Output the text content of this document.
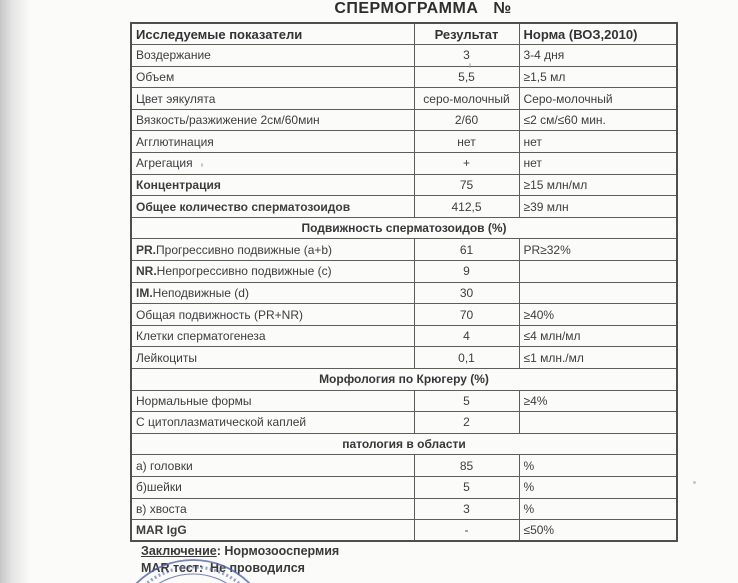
СПЕРМОГРАММА №
Исследуемые показатели	Результат	Норма (ВОЗ,2010)
Воздержание	3	3-4 дня
Объем	5,5	≥1,5 мл
Цвет эякулята	серо-молочный	Серо-молочный
Вязкость/разжижение 2см/60мин	2/60	≤2 см/≤60 мин.
Агглютинация	нет	нет
Агрегация	+	нет
Концентрация	75	≥15 млн/мл
Общее количество сперматозоидов	412,5	≥39 млн
Подвижность сперматозоидов (%)		
PR.Прогрессивно подвижные (a+b)	61	PR≥32%
NR.Непрогрессивно подвижные (c)	9	
IM.Неподвижные (d)	30	
Общая подвижность (PR+NR)	70	≥40%
Клетки сперматогенеза	4	≤4 млн/мл
Лейкоциты	0,1	≤1 млн./мл
Морфология по Крюгеру (%)		
Нормальные формы	5	≥4%
С цитоплазматической каплей	2	
патология в области		
а) головки	85	%
б)шейки	5	%
в) хвоста	3	%
MAR IgG	-	≤50%
Заключение: Нормозооспермия
MAR тест: Не проводился
